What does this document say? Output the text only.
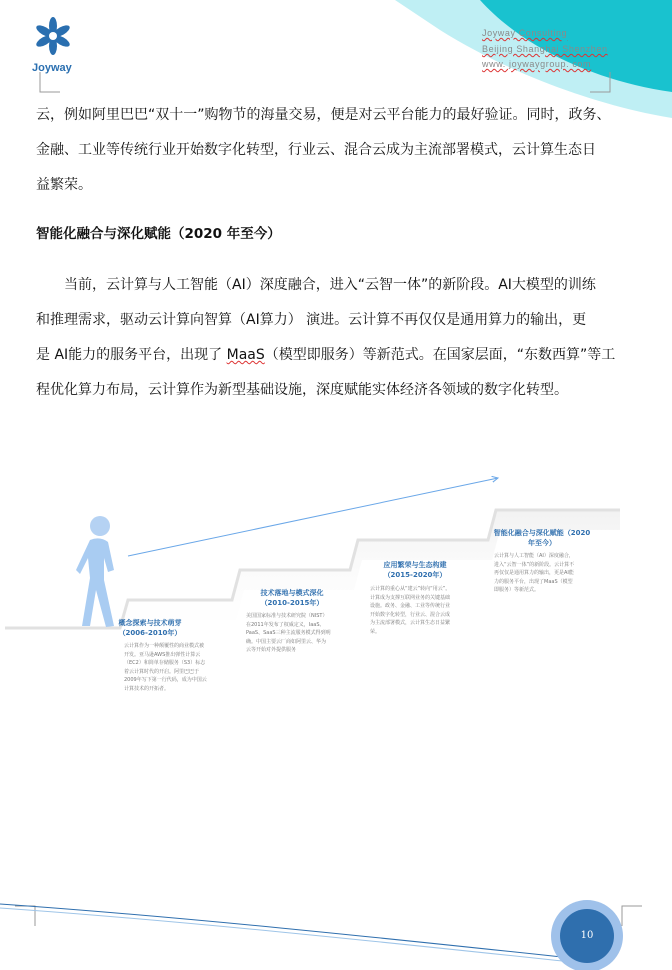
Joyway
Joyway Consulting
Beijing Shanghai Shenzhen
www. joywaygroup. com

云，例如阿里巴巴“双十一”购物节的海量交易，便是对云平台能力的最好验证。同时，政务、

金融、工业等传统行业开始数字化转型，行业云、混合云成为主流部署模式，云计算生态日

益繁荣。

智能化融合与深化赋能（2020 年至今）

当前，云计算与人工智能（AI）深度融合，进入“云智一体”的新阶段。AI大模型的训练

和推理需求，驱动云计算向智算（AI算力） 演进。云计算不再仅仅是通用算力的输出，更

是 AI能力的服务平台，出现了 MaaS（模型即服务）等新范式。在国家层面，“东数西算”等工

程优化算力布局，云计算作为新型基础设施，深度赋能实体经济各领域的数字化转型。

概念探索与技术萌芽
（2006-2010年）
云计算作为一种颠覆性的商业模式被
开发。亚马逊AWS推出弹性计算云
（EC2）和简单存储服务（S3）标志
着云计算时代的开启。阿里巴巴于
2009年写下第一行代码，成为中国云
计算技术的开拓者。
技术落地与模式深化
（2010-2015年）
美国国家标准与技术研究院（NIST）
在2011年发布了权威定义，IaaS、
PaaS、SaaS三种主流服务模式得到明
确。中国主要云厂商如阿里云、华为
云等开始对外提供服务
应用繁荣与生态构建
（2015-2020年）
云计算的重心从“建云”转向“用云”。
计算成为支撑互联网业务的关键基础
设施。政务、金融、工业等传统行业
开始数字化转型，行业云、混合云成
为主流部署模式，云计算生态日益繁
荣。
智能化融合与深化赋能（2020
年至今）
云计算与人工智能（AI）深度融合，
进入“云智一体”的新阶段。云计算不
再仅仅是通用算力的输出，更是AI能
力的服务平台，出现了MaaS（模型
即服务）等新范式。
10
